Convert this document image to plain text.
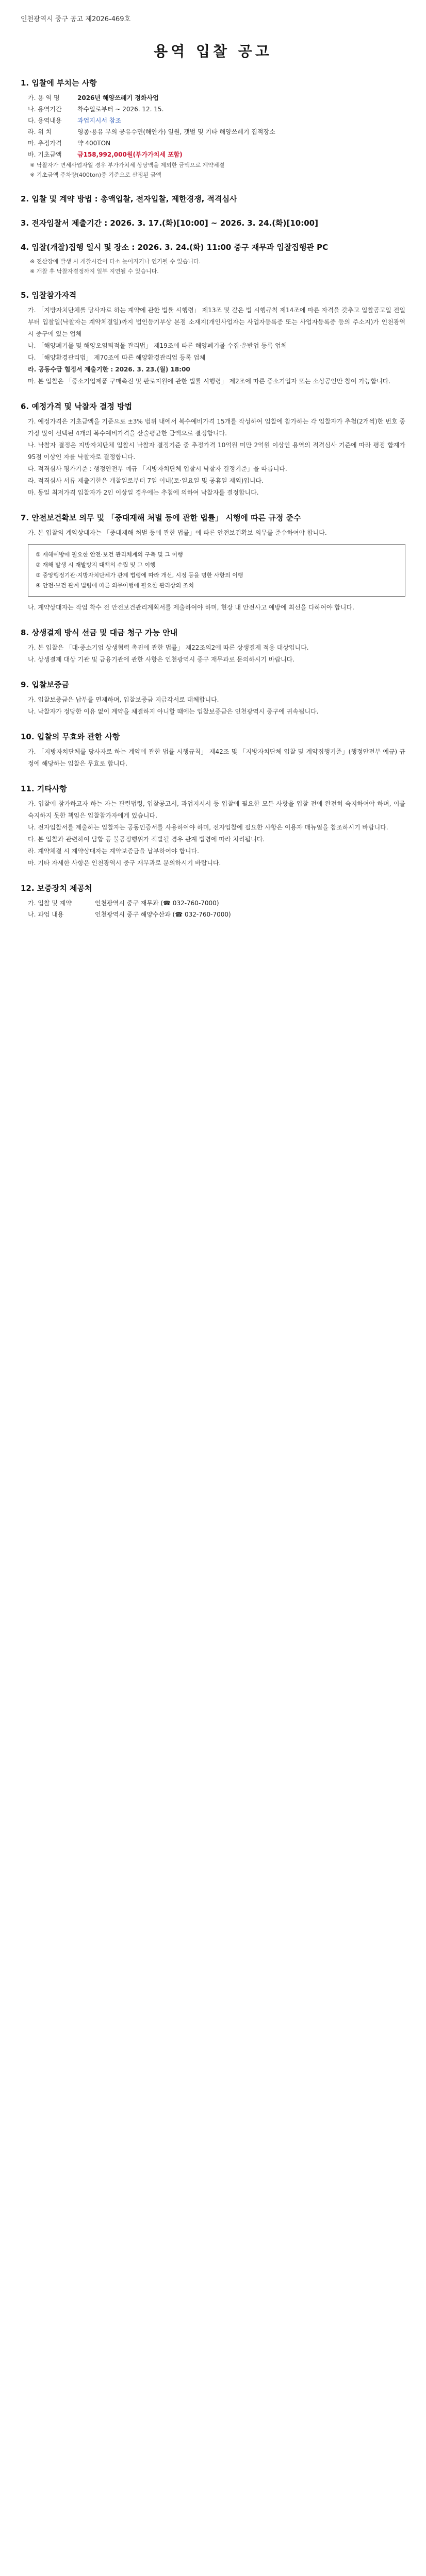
인천광역시 중구 공고 제2026-469호
용역 입찰 공고
1. 입찰에 부치는 사항
가. 용 역 명	2026년 해양쓰레기 정화사업
나. 용역기간	착수일로부터 ~ 2026. 12. 15.
다. 용역내용	과업지시서 참조
라. 위 치	영종·용유 무의 공유수면(해안가) 일원, 갯벌 및 기타 해양쓰레기 집적장소
마. 추정가격	약 400TON
바. 기초금액	금158,992,000원(부가가치세 포함)
※ 낙찰자가 면세사업자일 경우 부가가치세 상당액을 제외한 금액으로 계약체결
※ 기초금액 주차량(400ton)중 기준으로 산정된 금액
2. 입찰 및 계약 방법 : 총액입찰, 전자입찰, 제한경쟁, 적격심사
3. 전자입찰서 제출기간 : 2026. 3. 17.(화)[10:00] ~ 2026. 3. 24.(화)[10:00]
4. 입찰(개찰)집행 일시 및 장소 : 2026. 3. 24.(화) 11:00 중구 재무과 입찰집행관 PC
※ 전산장애 발생 시 개찰시간이 다소 늦어지거나 연기될 수 있습니다.
※ 개찰 후 낙찰자결정까지 일부 지연될 수 있습니다.
5. 입찰참가자격
가. 「지방자치단체를 당사자로 하는 계약에 관한 법률 시행령」 제13조 및 같은 법 시행규칙 제14조에 따른 자격을 갖추고 입찰공고일 전일부터 입찰일(낙찰자는 계약체결일)까지 법인등기부상 본점 소재지(개인사업자는 사업자등록증 또는 사업자등록증 등의 주소지)가 인천광역시 중구에 있는 업체
나. 「해양폐기물 및 해양오염퇴적물 관리법」 제19조에 따른 해양폐기물 수집·운반업 등록 업체
다. 「해양환경관리법」 제70조에 따른 해양환경관리업 등록 업체
라. 공동수급 협정서 제출기한 : 2026. 3. 23.(월) 18:00
마. 본 입찰은 「중소기업제품 구매촉진 및 판로지원에 관한 법률 시행령」 제2조에 따른 중소기업자 또는 소상공인만 참여 가능합니다.
6. 예정가격 및 낙찰자 결정 방법
가. 예정가격은 기초금액을 기준으로 ±3% 범위 내에서 복수예비가격 15개를 작성하여 입찰에 참가하는 각 입찰자가 추첨(2개씩)한 번호 중 가장 많이 선택된 4개의 복수예비가격을 산술평균한 금액으로 결정합니다.
나. 낙찰자 결정은 지방자치단체 입찰시 낙찰자 결정기준 중 추정가격 10억원 미만 2억원 이상인 용역의 적격심사 기준에 따라 평점 합계가 95점 이상인 자를 낙찰자로 결정합니다.
다. 적격심사 평가기준 : 행정안전부 예규 「지방자치단체 입찰시 낙찰자 결정기준」을 따릅니다.
라. 적격심사 서류 제출기한은 개찰일로부터 7일 이내(토·일요일 및 공휴일 제외)입니다.
마. 동일 최저가격 입찰자가 2인 이상일 경우에는 추첨에 의하여 낙찰자를 결정합니다.
7. 안전보건확보 의무 및 「중대재해 처벌 등에 관한 법률」 시행에 따른 규정 준수
가. 본 입찰의 계약상대자는 「중대재해 처벌 등에 관한 법률」에 따른 안전보건확보 의무를 준수하여야 합니다.
① 재해예방에 필요한 안전·보건 관리체계의 구축 및 그 이행
② 재해 발생 시 재발방지 대책의 수립 및 그 이행
③ 중앙행정기관·지방자치단체가 관계 법령에 따라 개선, 시정 등을 명한 사항의 이행
④ 안전·보건 관계 법령에 따른 의무이행에 필요한 관리상의 조치
나. 계약상대자는 작업 착수 전 안전보건관리계획서를 제출하여야 하며, 현장 내 안전사고 예방에 최선을 다하여야 합니다.
8. 상생결제 방식 선금 및 대금 청구 가능 안내
가. 본 입찰은 「대·중소기업 상생협력 촉진에 관한 법률」 제22조의2에 따른 상생결제 적용 대상입니다.
나. 상생결제 대상 기관 및 금융기관에 관한 사항은 인천광역시 중구 재무과로 문의하시기 바랍니다.
9. 입찰보증금
가. 입찰보증금은 납부를 면제하며, 입찰보증금 지급각서로 대체합니다.
나. 낙찰자가 정당한 이유 없이 계약을 체결하지 아니할 때에는 입찰보증금은 인천광역시 중구에 귀속됩니다.
10. 입찰의 무효와 관한 사항
가. 「지방자치단체를 당사자로 하는 계약에 관한 법률 시행규칙」 제42조 및 「지방자치단체 입찰 및 계약집행기준」(행정안전부 예규) 규정에 해당하는 입찰은 무효로 합니다.
11. 기타사항
가. 입찰에 참가하고자 하는 자는 관련법령, 입찰공고서, 과업지시서 등 입찰에 필요한 모든 사항을 입찰 전에 완전히 숙지하여야 하며, 이를 숙지하지 못한 책임은 입찰참가자에게 있습니다.
나. 전자입찰서를 제출하는 입찰자는 공동인증서를 사용하여야 하며, 전자입찰에 필요한 사항은 이용자 매뉴얼을 참조하시기 바랍니다.
다. 본 입찰과 관련하여 담합 등 불공정행위가 적발될 경우 관계 법령에 따라 처리됩니다.
라. 계약체결 시 계약상대자는 계약보증금을 납부하여야 합니다.
마. 기타 자세한 사항은 인천광역시 중구 재무과로 문의하시기 바랍니다.
12. 보증장치 제공처
가. 입찰 및 계약	인천광역시 중구 재무과 (☎ 032-760-7000)
나. 과업 내용	인천광역시 중구 해양수산과 (☎ 032-760-7000)
